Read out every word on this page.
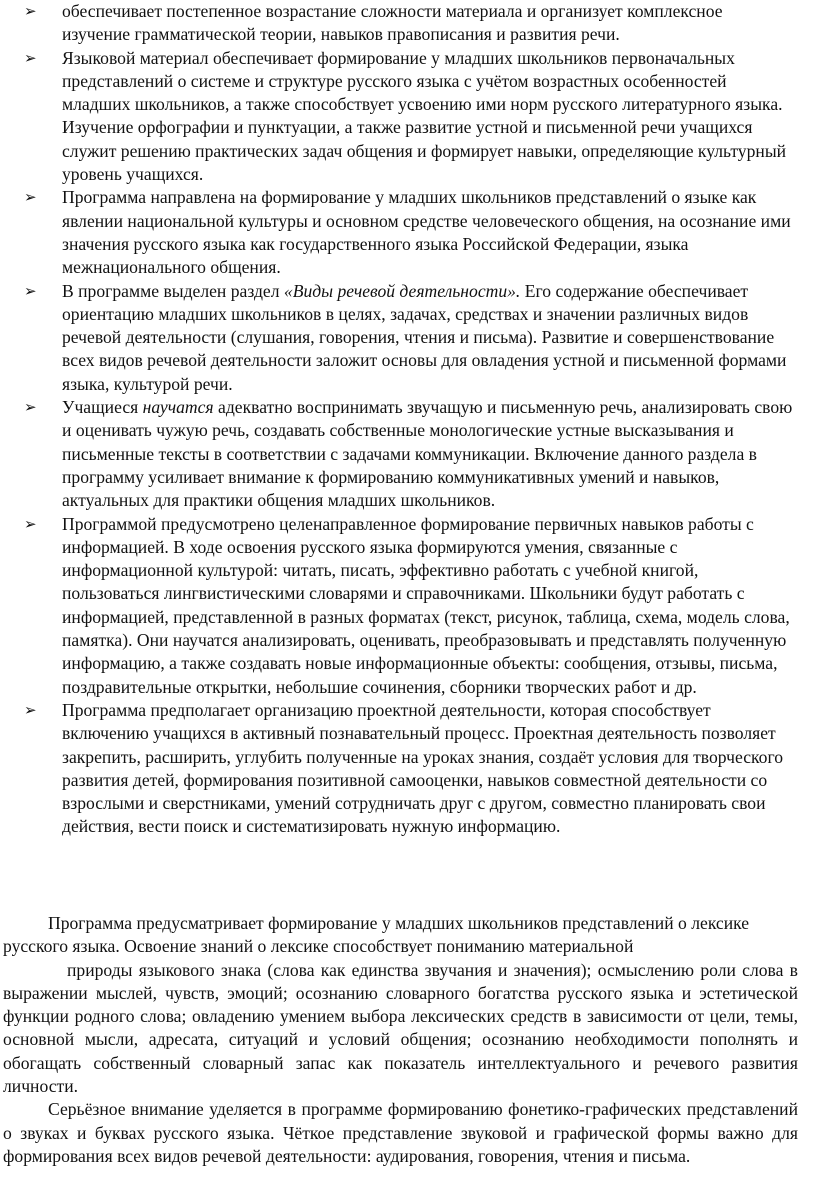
➢	обеспечивает постепенное возрастание сложности материала и организует комплексное изучение грамматической теории, навыков правописания и развития речи.
➢	Языковой материал обеспечивает формирование у младших школьников первоначальных представлений о системе и структуре русского языка с учётом возрастных особенностей младших школьников, а также способствует усвоению ими норм русского литературного языка. Изучение орфографии и пунктуации, а также развитие устной и письменной речи учащихся служит решению практических задач общения и формирует навыки, определяющие культурный уровень учащихся.
➢	Программа направлена на формирование у младших школьников представлений о языке как явлении национальной культуры и основном средстве человеческого общения, на осознание ими значения русского языка как государственного языка Российской Федерации, языка межнационального общения.
➢	В программе выделен раздел «Виды речевой деятельности». Его содержание обеспечивает ориентацию младших школьников в целях, задачах, средствах и значении различных видов речевой деятельности (слушания, говорения, чтения и письма). Развитие и совершенствование всех видов речевой деятельности заложит основы для овладения устной и письменной формами языка, культурой речи.
➢	Учащиеся научатся адекватно воспринимать звучащую и письменную речь, анализировать свою и оценивать чужую речь, создавать собственные монологические устные высказывания и письменные тексты в соответствии с задачами коммуникации. Включение данного раздела в программу усиливает внимание к формированию коммуникативных умений и навыков, актуальных для практики общения младших школьников.
➢	Программой предусмотрено целенаправленное формирование первичных навыков работы с информацией. В ходе освоения русского языка формируются умения, связанные с информационной культурой: читать, писать, эффективно работать с учебной книгой, пользоваться лингвистическими словарями и справочниками. Школьники будут работать с информацией, представленной в разных форматах (текст, рисунок, таблица, схема, модель слова, памятка). Они научатся анализировать, оценивать, преобразовывать и представлять полученную информацию, а также создавать новые информационные объекты: сообщения, отзывы, письма, поздравительные открытки, небольшие сочинения, сборники творческих работ и др.
➢	Программа предполагает организацию проектной деятельности, которая способствует включению учащихся в активный познавательный процесс. Проектная деятельность позволяет закрепить, расширить, углубить полученные на уроках знания, создаёт условия для творческого развития детей, формирования позитивной самооценки, навыков совместной деятельности со взрослыми и сверстниками, умений сотрудничать друг с другом, совместно планировать свои действия, вести поиск и систематизировать нужную информацию.

Программа предусматривает формирование у младших школьников представлений о лексике русского языка. Освоение знаний о лексике способствует пониманию материальной

природы языкового знака (слова как единства звучания и значения); осмыслению роли слова в выражении мыслей, чувств, эмоций; осознанию словарного богатства русского языка и эстетической функции родного слова; овладению умением выбора лексических средств в зависимости от цели, темы, основной мысли, адресата, ситуаций и условий общения; осознанию необходимости пополнять и обогащать собственный словарный запас как показатель интеллектуального и речевого развития личности.

Серьёзное внимание уделяется в программе формированию фонетико-графических представлений о звуках и буквах русского языка. Чёткое представление звуковой и графической формы важно для формирования всех видов речевой деятельности: аудирования, говорения, чтения и письма.
